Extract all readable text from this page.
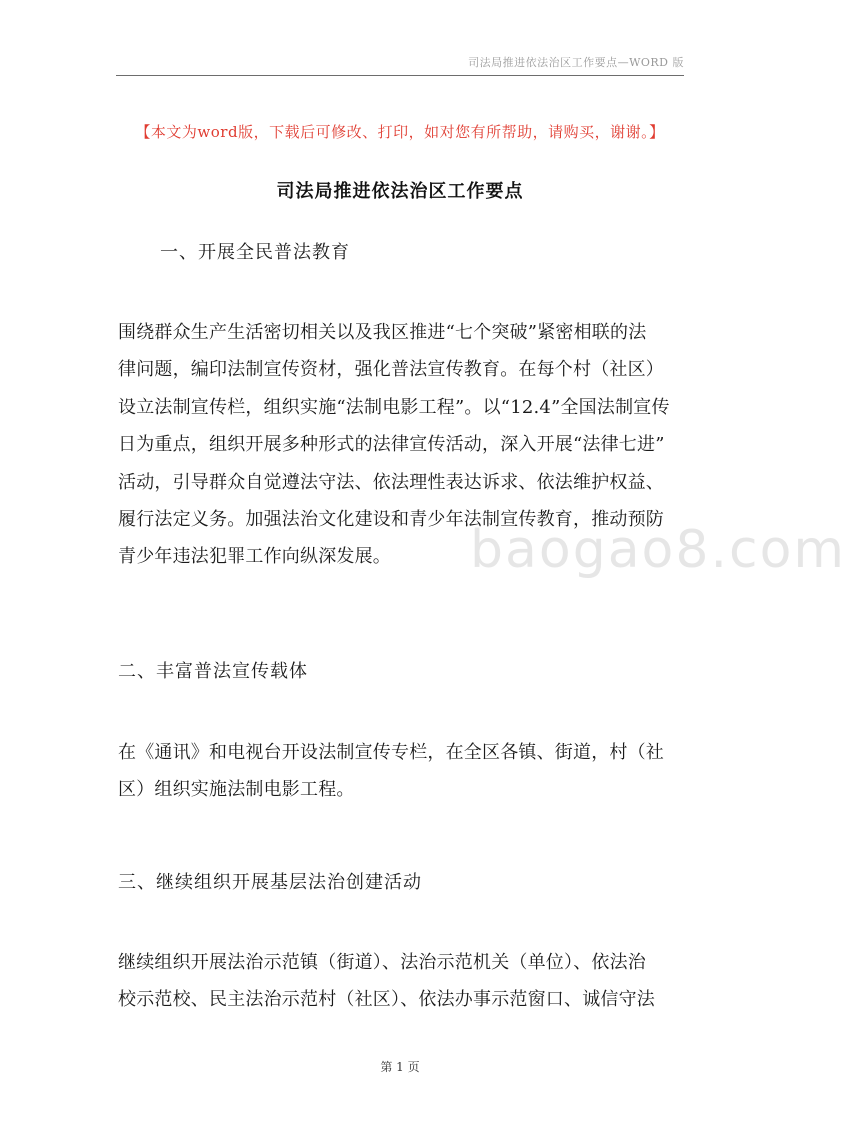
司法局推进依法治区工作要点—WORD 版
【本文为word版，下载后可修改、打印，如对您有所帮助，请购买，谢谢。】
司法局推进依法治区工作要点
一、开展全民普法教育
围绕群众生产生活密切相关以及我区推进“七个突破”紧密相联的法
律问题，编印法制宣传资材，强化普法宣传教育。在每个村（社区）
设立法制宣传栏，组织实施“法制电影工程”。以“12.4”全国法制宣传
日为重点，组织开展多种形式的法律宣传活动，深入开展“法律七进”
活动，引导群众自觉遵法守法、依法理性表达诉求、依法维护权益、
履行法定义务。加强法治文化建设和青少年法制宣传教育，推动预防
青少年违法犯罪工作向纵深发展。
二、丰富普法宣传载体
在《通讯》和电视台开设法制宣传专栏，在全区各镇、街道，村（社
区）组织实施法制电影工程。
三、继续组织开展基层法治创建活动
继续组织开展法治示范镇（街道）、法治示范机关（单位）、依法治
校示范校、民主法治示范村（社区）、依法办事示范窗口、诚信守法
baogao8.com
第 1 页
